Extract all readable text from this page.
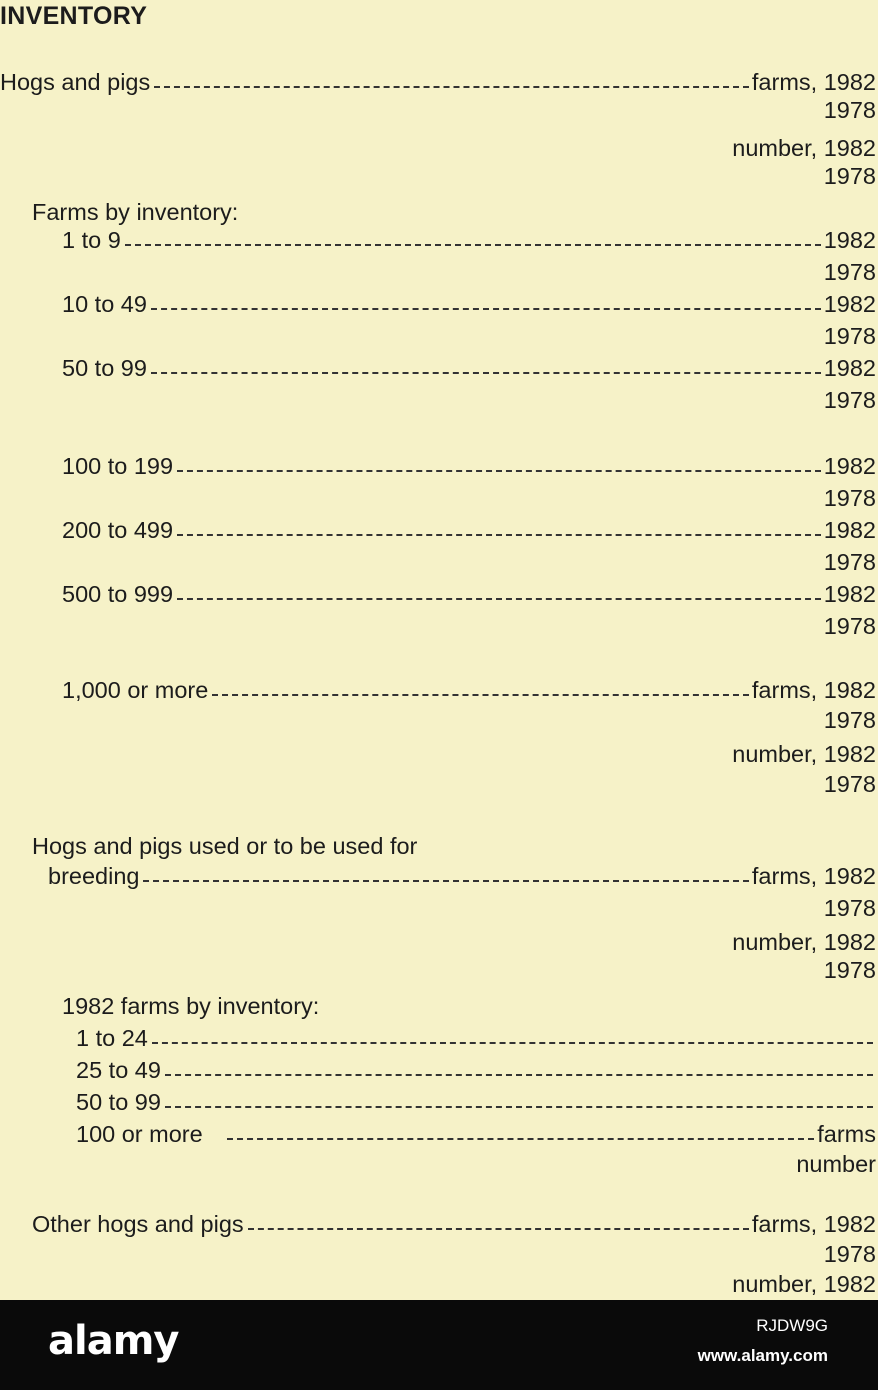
INVENTORY
Hogs and pigs	farms, 1982
1978
number, 1982
1978
Farms by inventory:
1 to 9	1982
1978
10 to 49	1982
1978
50 to 99	1982
1978
100 to 199	1982
1978
200 to 499	1982
1978
500 to 999	1982
1978
1,000 or more	farms, 1982
1978
number, 1982
1978
Hogs and pigs used or to be used for
breeding	farms, 1982
1978
number, 1982
1978
1982 farms by inventory:
1 to 24
25 to 49
50 to 99
100 or more	farms
number
Other hogs and pigs	farms, 1982
1978
number, 1982
alamy	RJDW9G
www.alamy.com
